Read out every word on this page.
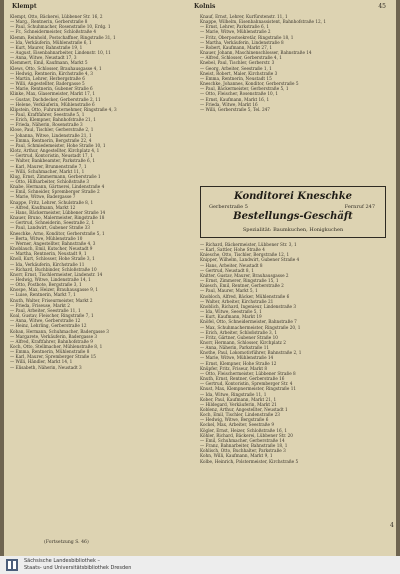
Klempt	Kolnis	45
Klempt, Otto, Bäckerei, Lübbener Str. 16, 2
— Marg., Rentnerin, Gerberstraße 8
— Paul, Schuhmacher, Rosenstraße 10, Erdg. 1
— Fr., Schneidermeister, Schloßstraße 4
Klemm, Reinhold, Postschaffner, Ringstraße 31, 1
— Ida, Verkäuferin, Mühlenstraße 6, 1
— Kurt, Maurer, Bahnstraße 19, 1
— August, Eisenbahnarbeiter, Lindenstr. 10, 11
— Anna, Witwe, Neustadt 17, 3
Klemmert, Emil, Kaufmann, Markt 5
Klews, Otto, Schlosser, Brauhausgasse 4, 1
— Hedwig, Rentnerin, Kirchstraße 4, 3
— Martin, Lehrer, Herbergstraße 6
— Willi, Angestellter, Badergasse 5
— Marie, Rentnerin, Gubener Straße 6
Klinke, Max, Glasermeister, Markt 17, 1
— Gustav, Dachdecker, Gerberstraße 2, 11
— Helene, Verkäuferin, Mühlenstraße 6
Klipstein, Otto, Fuhrunternehmer, Ringstraße 4, 3
— Paul, Kraftfahrer, Seestraße 5, 1
— Erich, Klempner, Bahnhofstraße 21, 1
— Frieda, Näherin, Rosenstraße 3
Klose, Paul, Tischler, Gerberstraße 2, 1
— Johanna, Witwe, Lindenstraße 21, 1
— Emma, Rentnerin, Bergstraße 22, 4
— Paul, Schmiedemeister, Hohe Straße 10, 1
Klotz, Arthur, Angestellter, Kirchplatz 4, 1
— Gertrud, Kontoristin, Neustadt 17, 1
— Walter, Bankbeamter, Parkstraße 6, 1
— Karl, Maurer, Brunnenstraße 7, 1
— Willi, Schuhmacher, Markt 11, 1
Klug, Ernst, Zimmermann, Gerberstraße 1
— Otto, Hilfsarbeiter, Schloßstraße 3
Knabe, Hermann, Gärtnerei, Lindenstraße 4
— Emil, Schneider, Spremberger Straße 2
— Marie, Witwe, Badergasse 7
Knappe, Fritz, Lehrer, Schulstraße 8, 1
— Alfred, Kaufmann, Markt 12
— Hans, Bäckermeister, Lübbener Straße 14
Knauer, Bruno, Malermeister, Ringstraße 18
— Gertrud, Schneiderin, Seestraße 2, 1
— Paul, Landwirt, Gubener Straße 33
Kneschke, Arno, Konditor, Gerberstraße 5, 1
— Berta, Witwe, Mühlenstraße 10
— Werner, Angestellter, Bahnstraße 4, 3
Knoblauch, Emil, Kutscher, Neustadt 9
— Martha, Rentnerin, Neustadt 9, 1
Knoll, Kurt, Schlosser, Hohe Straße 3, 1
— Ida, Verkäuferin, Kirchstraße 11
— Richard, Buchbinder, Schloßstraße 10
Knorr, Ernst, Tischlermeister, Lindenstr. 14
— Hedwig, Witwe, Lindenstraße 14, 1
— Otto, Postbote, Bergstraße 3, 1
Knospe, Max, Heizer, Brauhausgasse 9, 1
— Luise, Rentnerin, Markt 7, 1
Knuth, Walter, Friseurmeister, Markt 2
— Frieda, Friseuse, Markt 2
— Paul, Arbeiter, Seestraße 11, 1
Koal, Gustav, Fleischer, Ringstraße 7, 1
— Anna, Witwe, Gerberstraße 12
— Heinz, Lehrling, Gerberstraße 12
Koban, Hermann, Schuhmacher, Badergasse 3
— Margarete, Verkäuferin, Badergasse 3
— Alfred, Kraftfahrer, Bahnhofstraße 9
Koch, Otto, Stellmacher, Mühlenstraße 8, 1
— Emma, Rentnerin, Mühlenstraße 8
— Karl, Maurer, Spremberger Straße 15
— Willi, Händler, Markt 14, 1
— Elisabeth, Näherin, Neustadt 3
Knauf, Ernst, Lehrer, Kurfürstenstr. 11, 1
Knappe, Wilhelm, Eisenbahnassistent, Bahnhofstraße 12, 1
— Ernst, Lehrer, Parkstraße 6, 1
— Marie, Witwe, Mühlenstraße 2
— Fritz, Oberpostsekretär, Ringstraße 18, 1
— Martha, Verkäuferin, Lindenstraße 8
— Robert, Kaufmann, Markt 27, 1
Knauer, Johann, Maschinenschlosser, Bahnstraße 14
— Alfred, Schlosser, Gerberstraße 4, 1
Knebel, Paul, Tischler, Gerberstr. 3
— Georg, Arbeiter, Seestraße 1, 1
Kneist, Robert, Maler, Kirchstraße 3
— Emma, Rentnerin, Neustadt 15
Kneschke, Johannes, Konditor, Gerberstraße 5
— Paul, Bäckermeister, Gerberstraße 5, 1
— Otto, Fleischer, Rosenstraße 10, 1
— Ernst, Kaufmann, Markt 16, 1
— Frieda, Witwe, Markt 16
— Willi, Gerberstraße 5, Tel. 247
Konditorei Kneschke
Gerberstraße 5	Fernruf 247
Bestellungs-Geschäft
Spezialität: Baumkuchen, Honigkuchen
— Richard, Bäckermeister, Lübbener Str. 3, 1
— Karl, Sattler, Hohe Straße 4
Kniesche, Otto, Tischler, Bergstraße 12, 1
Knipper, Wilhelm, Landwirt, Gubener Straße 4
— Hans, Arbeiter, Neustadt 8
— Gertrud, Neustadt 8, 1
Knitter, Gustav, Maurer, Brauhausgasse 2
— Ernst, Zimmerer, Ringstraße 15, 1
Kniesch, Emil, Rentner, Gerberstraße 2
— Paul, Maurer, Markt 5, 1
Knobloch, Alfred, Bäcker, Mühlenstraße 6
— Walter, Arbeiter, Kirchstraße 21
Knoblich, Richard, Ingenieur, Lindenstraße 3
— Ida, Witwe, Seestraße 5, 1
— Kurt, Kaufmann, Markt 19
Knöfel, Otto, Schneidermeister, Bahnstraße 7
— Max, Schuhmachermeister, Ringstraße 20, 1
— Erich, Arbeiter, Schloßstraße 3, 1
— Fritz, Gärtner, Gubener Straße 10
Knorr, Hermann, Schlosser, Kirchplatz 2
— Anna, Näherin, Parkstraße 11
Knothe, Paul, Lokomotivführer, Bahnstraße 2, 1
— Marie, Witwe, Mühlenstraße 14
— Ernst, Klempner, Hohe Straße 12
Knüpfer, Fritz, Friseur, Markt 8
— Otto, Fleischermeister, Lübbener Straße 8
Knuth, Ernst, Rentner, Gerberstraße 16
— Gertrud, Kontoristin, Spremberger Str. 4
Knust, Max, Klempnermeister, Ringstraße 11
— Ida, Witwe, Ringstraße 11, 1
Kober, Paul, Kaufmann, Markt 21, 1
— Hildegard, Verkäuferin, Markt 21
Koblenz, Arthur, Angestellter, Neustadt 1
Koch, Emil, Tischler, Lindenstraße 23
— Hedwig, Witwe, Bergstraße 6
Kockel, Max, Arbeiter, Seestraße 9
Kögler, Ernst, Heizer, Schloßstraße 16, 1
Köhler, Richard, Bäckerei, Lübbener Str. 20
— Emil, Schuhmacher, Gerberstraße 14
— Franz, Bahnarbeiter, Bahnstraße 18, 1
Kohlisch, Otto, Buchhalter, Parkstraße 3
Kohn, Willi, Kaufmann, Markt 9, 1
Kolbe, Heinrich, Polstermeister, Kirchstraße 5
(Fortsetzung S. 46)
4
Sächsische Landesbibliothek –
Staats- und Universitätsbibliothek Dresden
